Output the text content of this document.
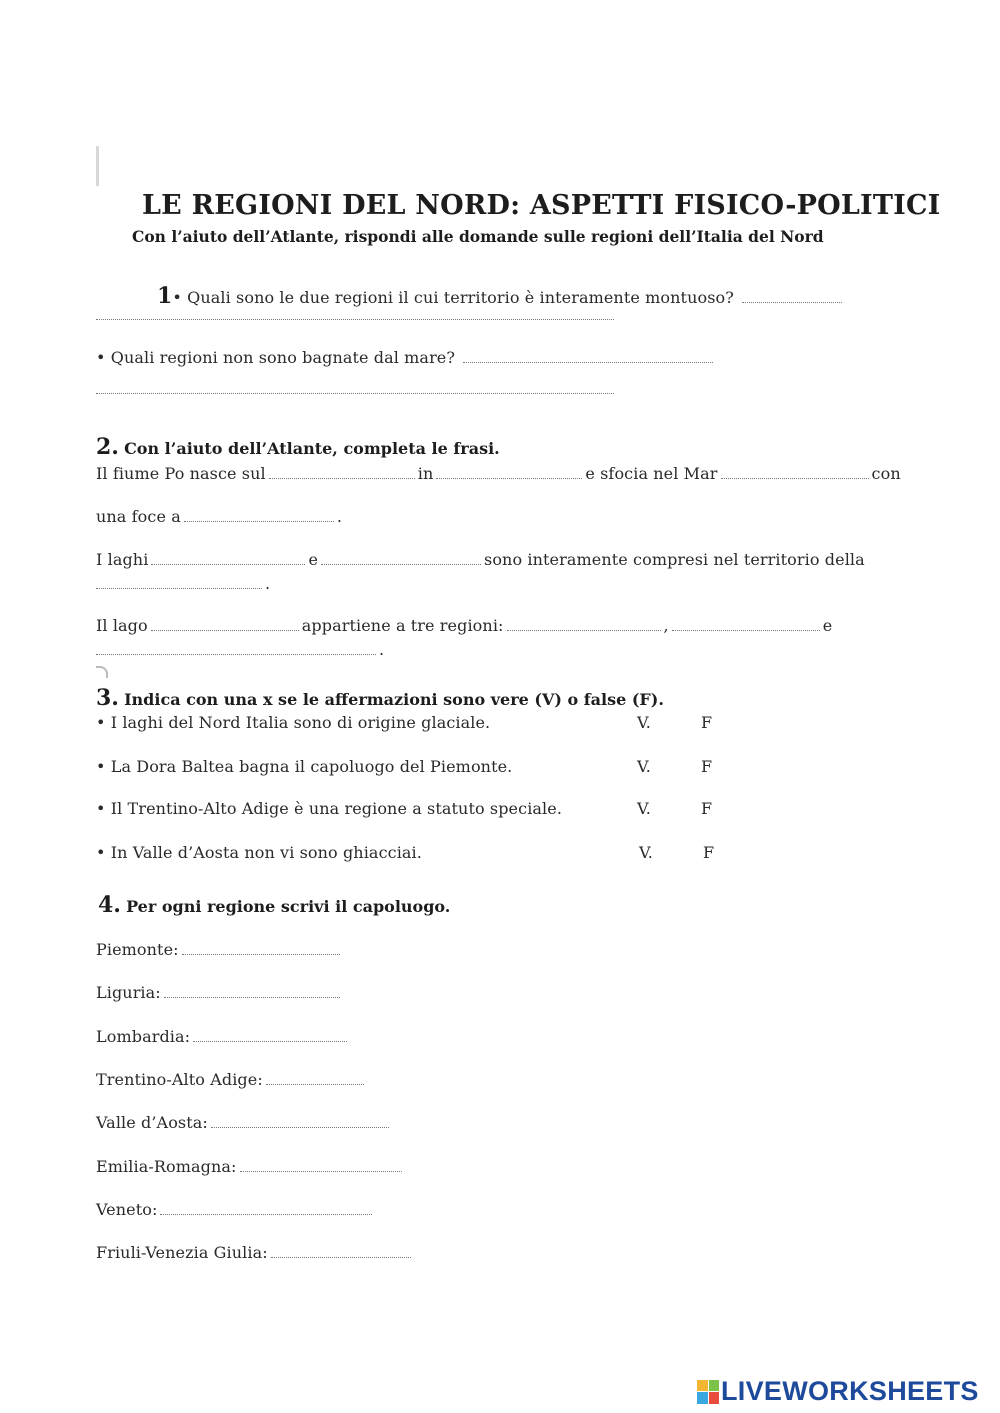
LE REGIONI DEL NORD: ASPETTI FISICO-POLITICI
Con l’aiuto dell’Atlante, rispondi alle domande sulle regioni dell’Italia del Nord
1• Quali sono le due regioni il cui territorio è interamente montuoso?
• Quali regioni non sono bagnate dal mare?
2. Con l’aiuto dell’Atlante, completa le frasi.
Il fiume Po nasce sul	in	e sfocia nel Mar	con
una foce a	.
I laghi	e	sono interamente compresi nel territorio della
.
Il lago	appartiene a tre regioni:	,	e
.
3. Indica con una x se le affermazioni sono vere (V) o false (F).
• I laghi del Nord Italia sono di origine glaciale.	V.	F
• La Dora Baltea bagna il capoluogo del Piemonte.	V.	F
• Il Trentino-Alto Adige è una regione a statuto speciale.	V.	F
• In Valle d’Aosta non vi sono ghiacciai.	V.	F
4. Per ogni regione scrivi il capoluogo.
Piemonte:
Liguria:
Lombardia:
Trentino-Alto Adige:
Valle d’Aosta:
Emilia-Romagna:
Veneto:
Friuli-Venezia Giulia:
LIVEWORKSHEETS
